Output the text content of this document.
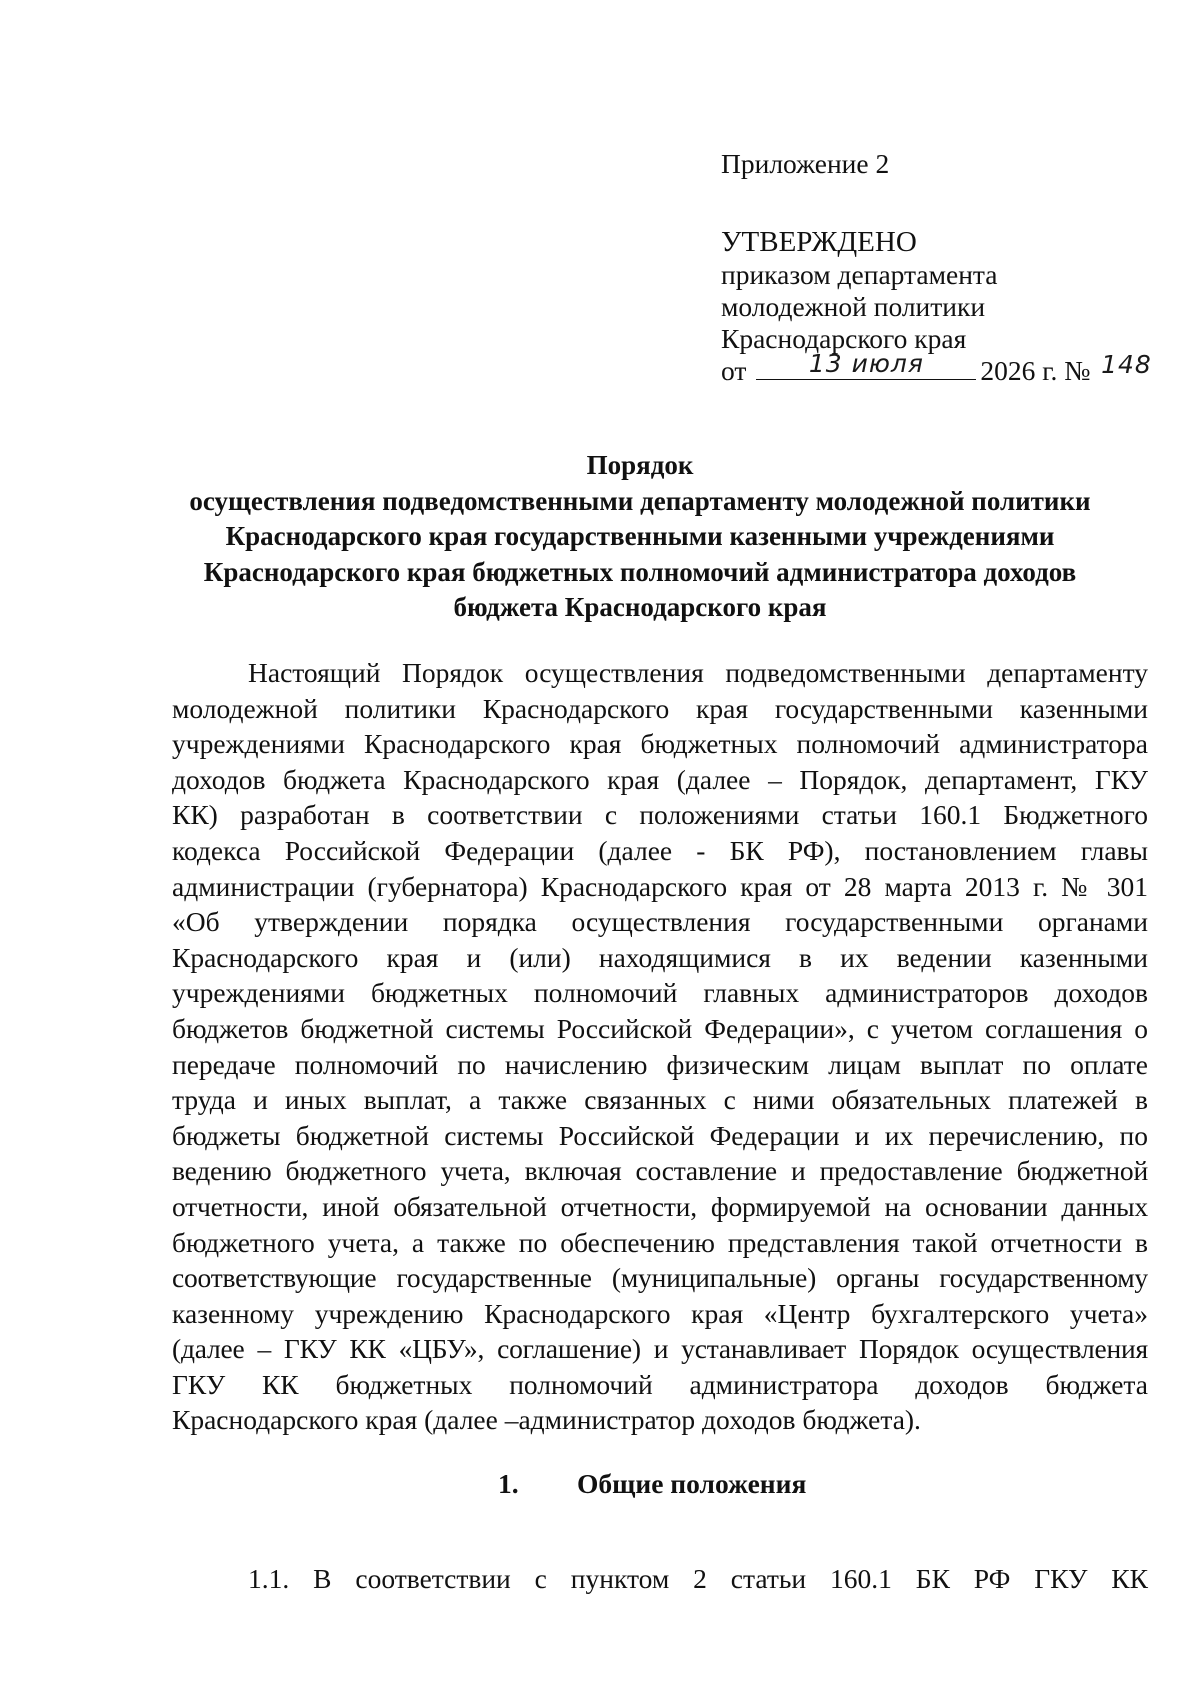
Приложение 2
УТВЕРЖДЕНО
приказом департамента
молодежной политики
Краснодарского края
от	13 июля	2026 г. № 148
Порядок
осуществления подведомственными департаменту молодежной политики
Краснодарского края государственными казенными учреждениями
Краснодарского края бюджетных полномочий администратора доходов
бюджета Краснодарского края
Настоящий Порядок осуществления подведомственными департаменту
молодежной политики Краснодарского края государственными казенными
учреждениями Краснодарского края бюджетных полномочий администратора
доходов бюджета Краснодарского края (далее – Порядок, департамент, ГКУ
КК) разработан в соответствии с положениями статьи 160.1 Бюджетного
кодекса Российской Федерации (далее - БК РФ), постановлением главы
администрации (губернатора) Краснодарского края от 28 марта 2013 г. № 301
«Об утверждении порядка осуществления государственными органами
Краснодарского края и (или) находящимися в их ведении казенными
учреждениями бюджетных полномочий главных администраторов доходов
бюджетов бюджетной системы Российской Федерации», с учетом соглашения о
передаче полномочий по начислению физическим лицам выплат по оплате
труда и иных выплат, а также связанных с ними обязательных платежей в
бюджеты бюджетной системы Российской Федерации и их перечислению, по
ведению бюджетного учета, включая составление и предоставление бюджетной
отчетности, иной обязательной отчетности, формируемой на основании данных
бюджетного учета, а также по обеспечению представления такой отчетности в
соответствующие государственные (муниципальные) органы государственному
казенному учреждению Краснодарского края «Центр бухгалтерского учета»
(далее – ГКУ КК «ЦБУ», соглашение) и устанавливает Порядок осуществления
ГКУ КК бюджетных полномочий администратора доходов бюджета
Краснодарского края (далее –администратор доходов бюджета).
1. Общие положения
1.1. В соответствии с пунктом 2 статьи 160.1 БК РФ ГКУ КК
